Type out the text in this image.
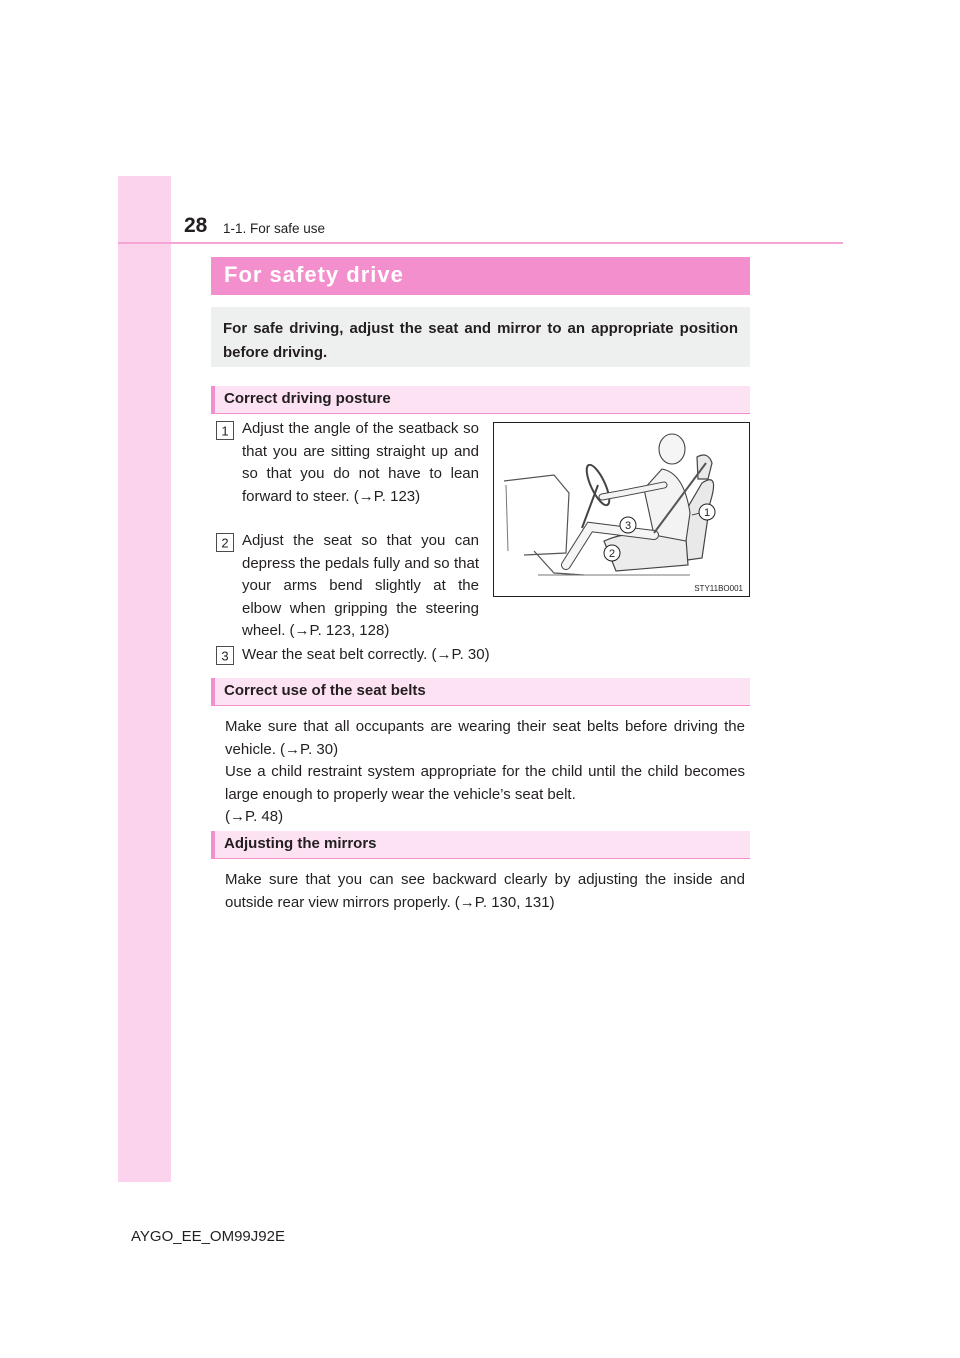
28 1-1. For safe use
For safety drive

For safe driving, adjust the seat and mirror to an appropriate position before driving.

Correct driving posture
1 Adjust the angle of the seatback so that you are sitting straight up and so that you do not have to lean forward to steer. (→P. 123)

2 Adjust the seat so that you can depress the pedals fully and so that your arms bend slightly at the elbow when gripping the steering wheel. (→P. 123, 128)

3 Wear the seat belt correctly. (→P. 30)

1
3
2
STY11BO001
Correct use of the seat belts

Make sure that all occupants are wearing their seat belts before driving the vehicle. (→P. 30)

Use a child restraint system appropriate for the child until the child becomes large enough to properly wear the vehicle’s seat belt.

(→P. 48)

Adjusting the mirrors

Make sure that you can see backward clearly by adjusting the inside and outside rear view mirrors properly. (→P. 130, 131)

AYGO_EE_OM99J92E
